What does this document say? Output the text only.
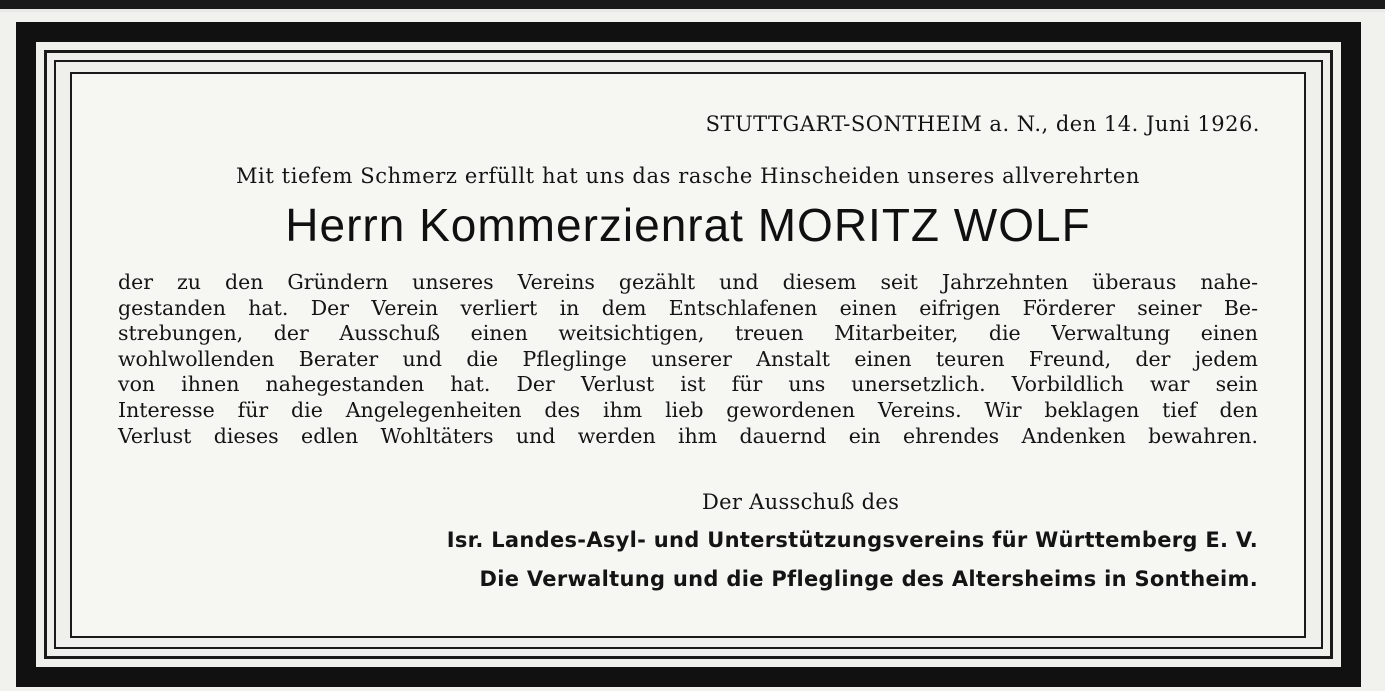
STUTTGART-SONTHEIM a. N., den 14. Juni 1926.
Mit tiefem Schmerz erfüllt hat uns das rasche Hinscheiden unseres allverehrten
Herrn Kommerzienrat MORITZ WOLF
der zu den Gründern unseres Vereins gezählt und diesem seit Jahrzehnten überaus nahe-
gestanden hat. Der Verein verliert in dem Entschlafenen einen eifrigen Förderer seiner Be-
strebungen, der Ausschuß einen weitsichtigen, treuen Mitarbeiter, die Verwaltung einen
wohlwollenden Berater und die Pfleglinge unserer Anstalt einen teuren Freund, der jedem
von ihnen nahegestanden hat. Der Verlust ist für uns unersetzlich. Vorbildlich war sein
Interesse für die Angelegenheiten des ihm lieb gewordenen Vereins. Wir beklagen tief den
Verlust dieses edlen Wohltäters und werden ihm dauernd ein ehrendes Andenken bewahren.
Der Ausschuß des
Isr. Landes-Asyl- und Unterstützungsvereins für Württemberg E. V.
Die Verwaltung und die Pfleglinge des Altersheims in Sontheim.
